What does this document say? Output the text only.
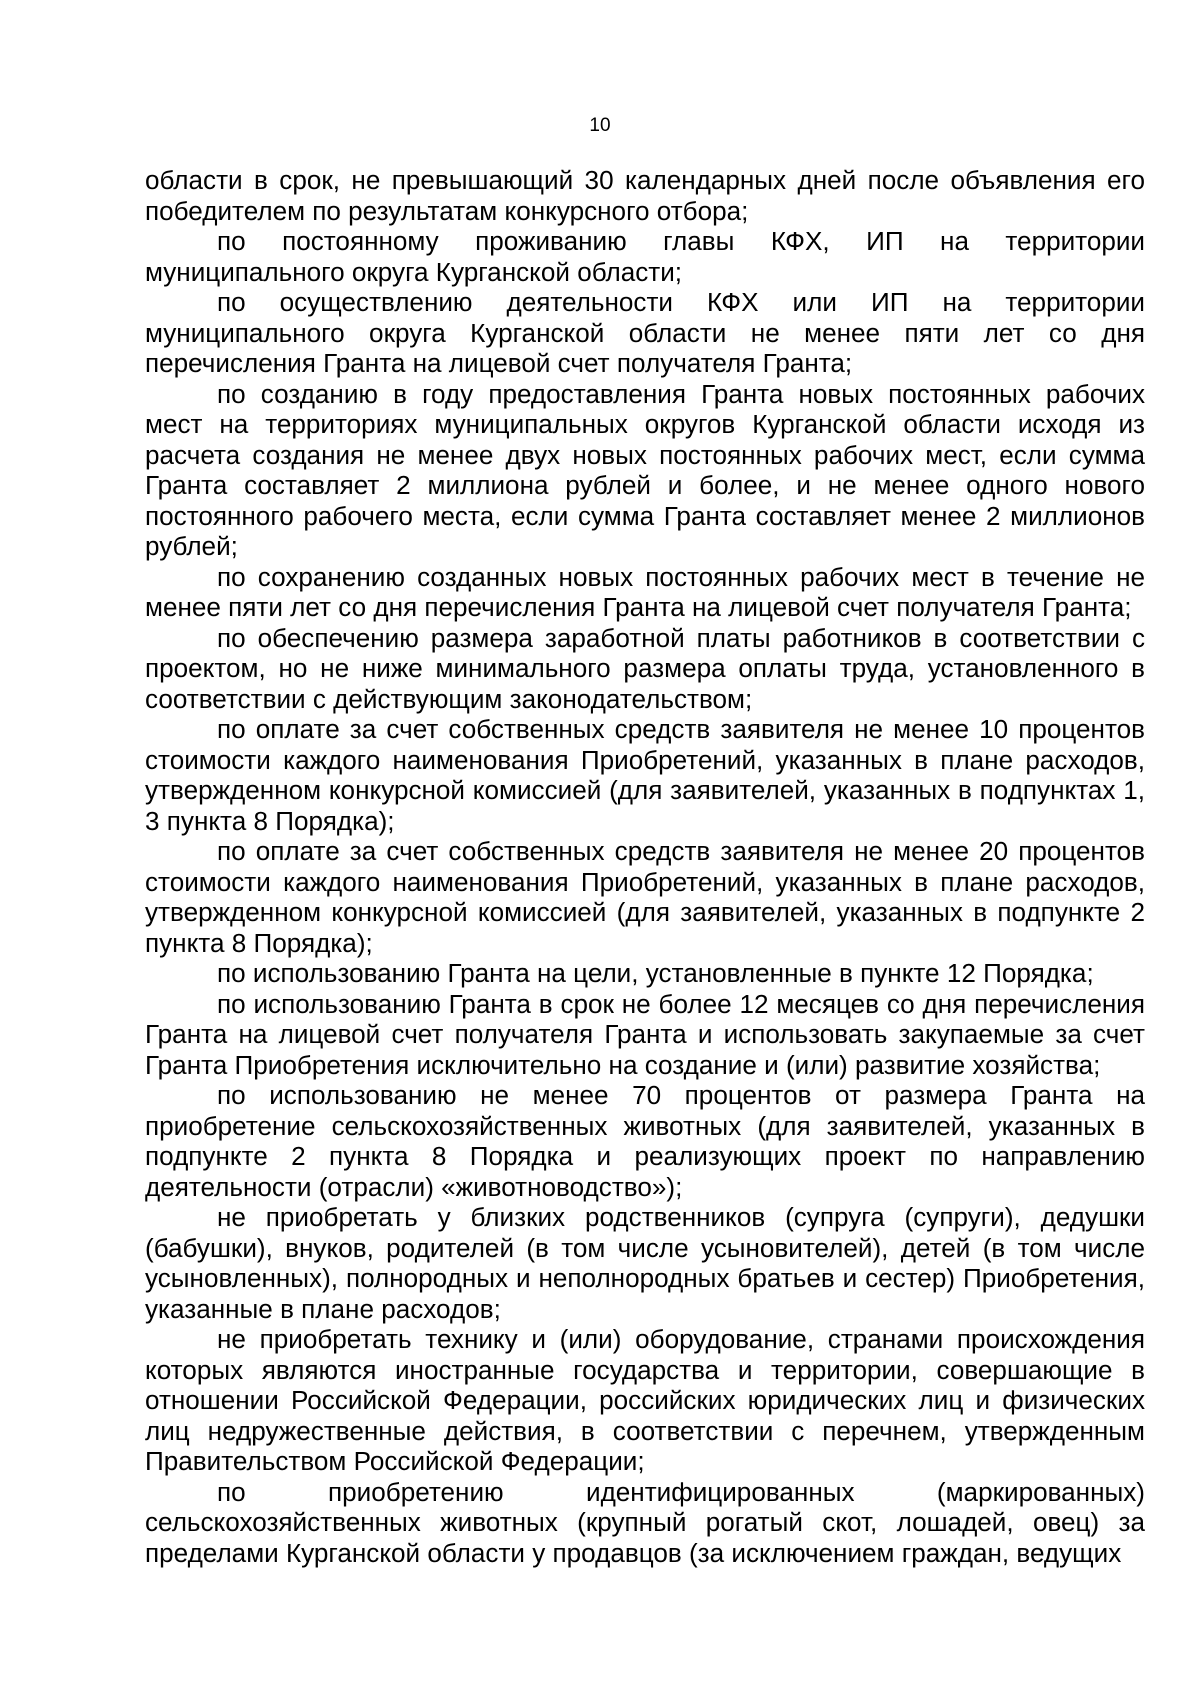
10

области в срок, не превышающий 30 календарных дней после объявления его победителем по результатам конкурсного отбора;

по постоянному проживанию главы КФХ, ИП на территории муниципального округа Курганской области;

по осуществлению деятельности КФХ или ИП на территории муниципального округа Курганской области не менее пяти лет со дня перечисления Гранта на лицевой счет получателя Гранта;

по созданию в году предоставления Гранта новых постоянных рабочих мест на территориях муниципальных округов Курганской области исходя из расчета создания не менее двух новых постоянных рабочих мест, если сумма Гранта составляет 2 миллиона рублей и более, и не менее одного нового постоянного рабочего места, если сумма Гранта составляет менее 2 миллионов рублей;

по сохранению созданных новых постоянных рабочих мест в течение не менее пяти лет со дня перечисления Гранта на лицевой счет получателя Гранта;

по обеспечению размера заработной платы работников в соответствии с проектом, но не ниже минимального размера оплаты труда, установленного в соответствии с действующим законодательством;

по оплате за счет собственных средств заявителя не менее 10 процентов стоимости каждого наименования Приобретений, указанных в плане расходов, утвержденном конкурсной комиссией (для заявителей, указанных в подпунктах 1, 3 пункта 8 Порядка);

по оплате за счет собственных средств заявителя не менее 20 процентов стоимости каждого наименования Приобретений, указанных в плане расходов, утвержденном конкурсной комиссией (для заявителей, указанных в подпункте 2 пункта 8 Порядка);

по использованию Гранта на цели, установленные в пункте 12 Порядка;

по использованию Гранта в срок не более 12 месяцев со дня перечисления Гранта на лицевой счет получателя Гранта и использовать закупаемые за счет Гранта Приобретения исключительно на создание и (или) развитие хозяйства;

по использованию не менее 70 процентов от размера Гранта на приобретение сельскохозяйственных животных (для заявителей, указанных в подпункте 2 пункта 8 Порядка и реализующих проект по направлению деятельности (отрасли) «животноводство»);

не приобретать у близких родственников (супруга (супруги), дедушки (бабушки), внуков, родителей (в том числе усыновителей), детей (в том числе усыновленных), полнородных и неполнородных братьев и сестер) Приобретения, указанные в плане расходов;

не приобретать технику и (или) оборудование, странами происхождения которых являются иностранные государства и территории, совершающие в отношении Российской Федерации, российских юридических лиц и физических лиц недружественные действия, в соответствии с перечнем, утвержденным Правительством Российской Федерации;

по приобретению идентифицированных (маркированных) сельскохозяйственных животных (крупный рогатый скот, лошадей, овец) за пределами Курганской области у продавцов (за исключением граждан, ведущих
